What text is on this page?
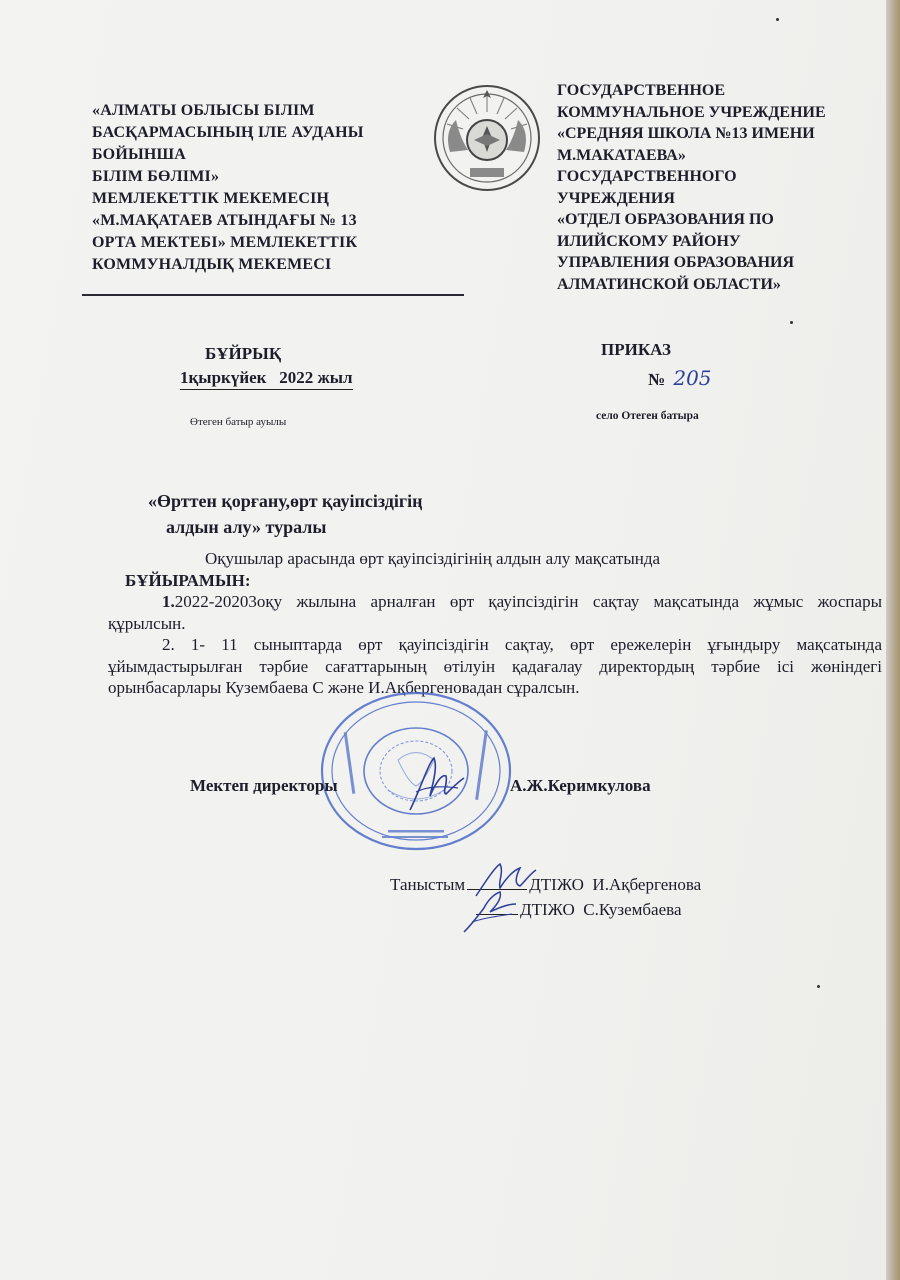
«АЛМАТЫ ОБЛЫСЫ БІЛІМ
БАСҚАРМАСЫНЫҢ ІЛЕ АУДАНЫ
БОЙЫНША
БІЛІМ БӨЛІМІ»
МЕМЛЕКЕТТІК МЕКЕМЕСІҢ
«М.МАҚАТАЕВ АТЫНДАҒЫ № 13
ОРТА МЕКТЕБІ» МЕМЛЕКЕТТІК
КОММУНАЛДЫҚ МЕКЕМЕСІ
ГОСУДАРСТВЕННОЕ
КОММУНАЛЬНОЕ УЧРЕЖДЕНИЕ
«СРЕДНЯЯ ШКОЛА №13 ИМЕНИ
М.МАКАТАЕВА»
ГОСУДАРСТВЕННОГО
УЧРЕЖДЕНИЯ
«ОТДЕЛ ОБРАЗОВАНИЯ ПО
ИЛИЙСКОМУ РАЙОНУ
УПРАВЛЕНИЯ ОБРАЗОВАНИЯ
АЛМАТИНСКОЙ ОБЛАСТИ»
БҰЙРЫҚ
1қыркүйек   2022 жыл
Өтеген батыр ауылы
ПРИКАЗ
№ 205
село Отеген батыра
«Өрттен қорғану,өрт қауіпсіздігің
алдын алу» туралы

Оқушылар арасында өрт қауіпсіздігінің алдын алу мақсатында

БҰЙЫРАМЫН:

1.2022-20203оқу жылына арналған өрт қауіпсіздігін сақтау мақсатында жұмыс жоспары құрылсын.

2. 1- 11 сыныптарда өрт қауіпсіздігін сақтау, өрт ережелерін ұғындыру мақсатында ұйымдастырылған тәрбие сағаттарының өтілуін қадағалау директордың тәрбие ісі жөніндегі орынбасарлары Кузембаева С және И.Ақбергеновадан сұралсын.

Мектеп директоры	А.Ж.Керимкулова
Таныстым	ДТІЖО  И.Ақбергенова
ДТІЖО  С.Кузембаева
